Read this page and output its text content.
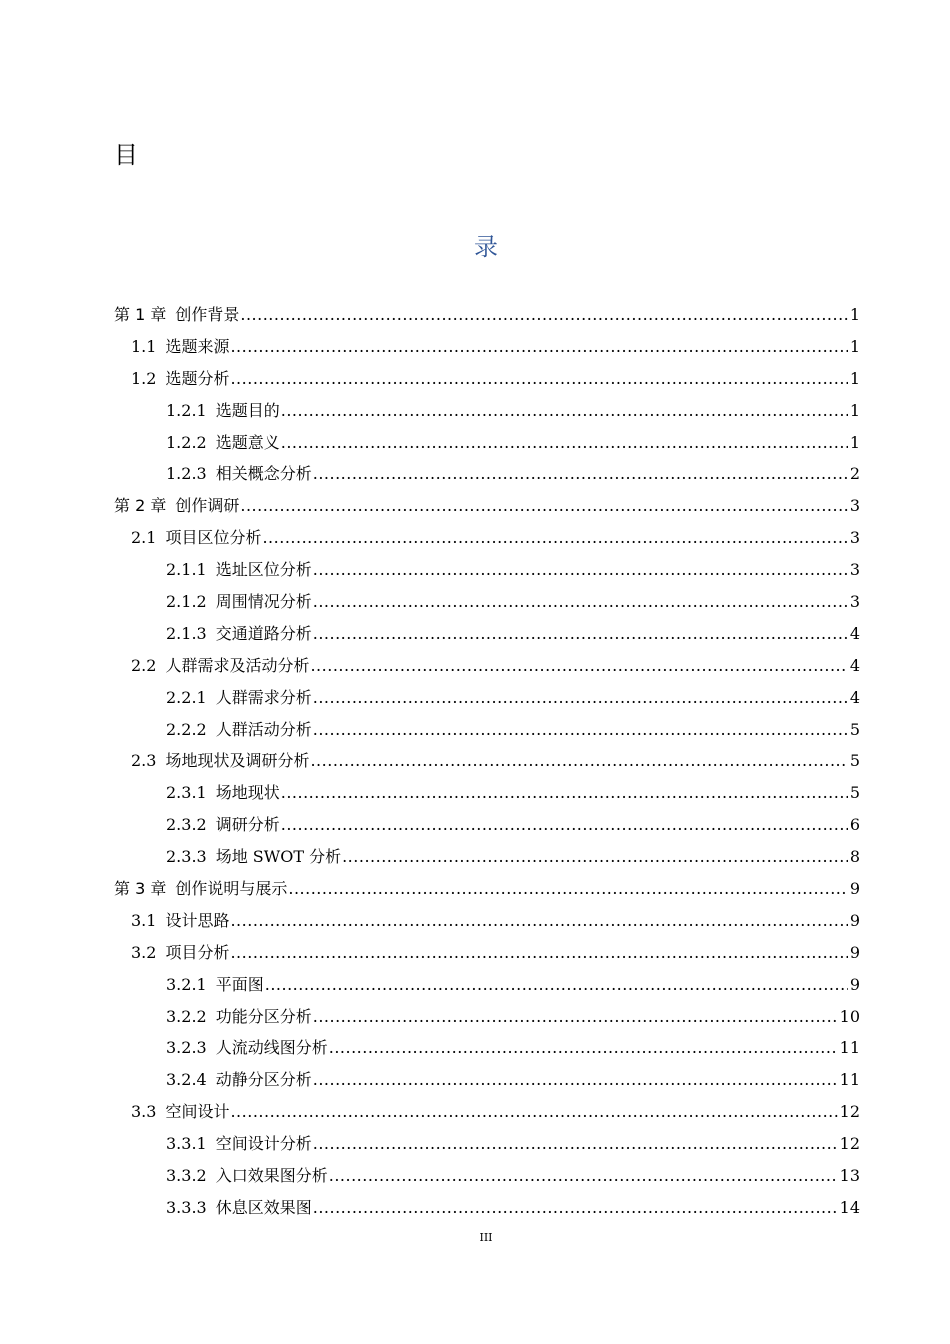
目
录
第 1 章 创作背景 .....	1
1.1 选题来源 .....	1
1.2 选题分析 .....	1
1.2.1 选题目的 .....	1
1.2.2 选题意义 .....	1
1.2.3 相关概念分析 .....	2
第 2 章 创作调研 .....	3
2.1 项目区位分析 .....	3
2.1.1 选址区位分析 .....	3
2.1.2 周围情况分析 .....	3
2.1.3 交通道路分析 .....	4
2.2 人群需求及活动分析 .....	4
2.2.1 人群需求分析 .....	4
2.2.2 人群活动分析 .....	5
2.3 场地现状及调研分析 .....	5
2.3.1 场地现状 .....	5
2.3.2 调研分析 .....	6
2.3.3 场地 SWOT 分析 .....	8
第 3 章 创作说明与展示 .....	9
3.1 设计思路 .....	9
3.2 项目分析 .....	9
3.2.1 平面图 .....	9
3.2.2 功能分区分析 .....	10
3.2.3 人流动线图分析 .....	11
3.2.4 动静分区分析 .....	11
3.3 空间设计 .....	12
3.3.1 空间设计分析 .....	12
3.3.2 入口效果图分析 .....	13
3.3.3 休息区效果图 .....	14
III
